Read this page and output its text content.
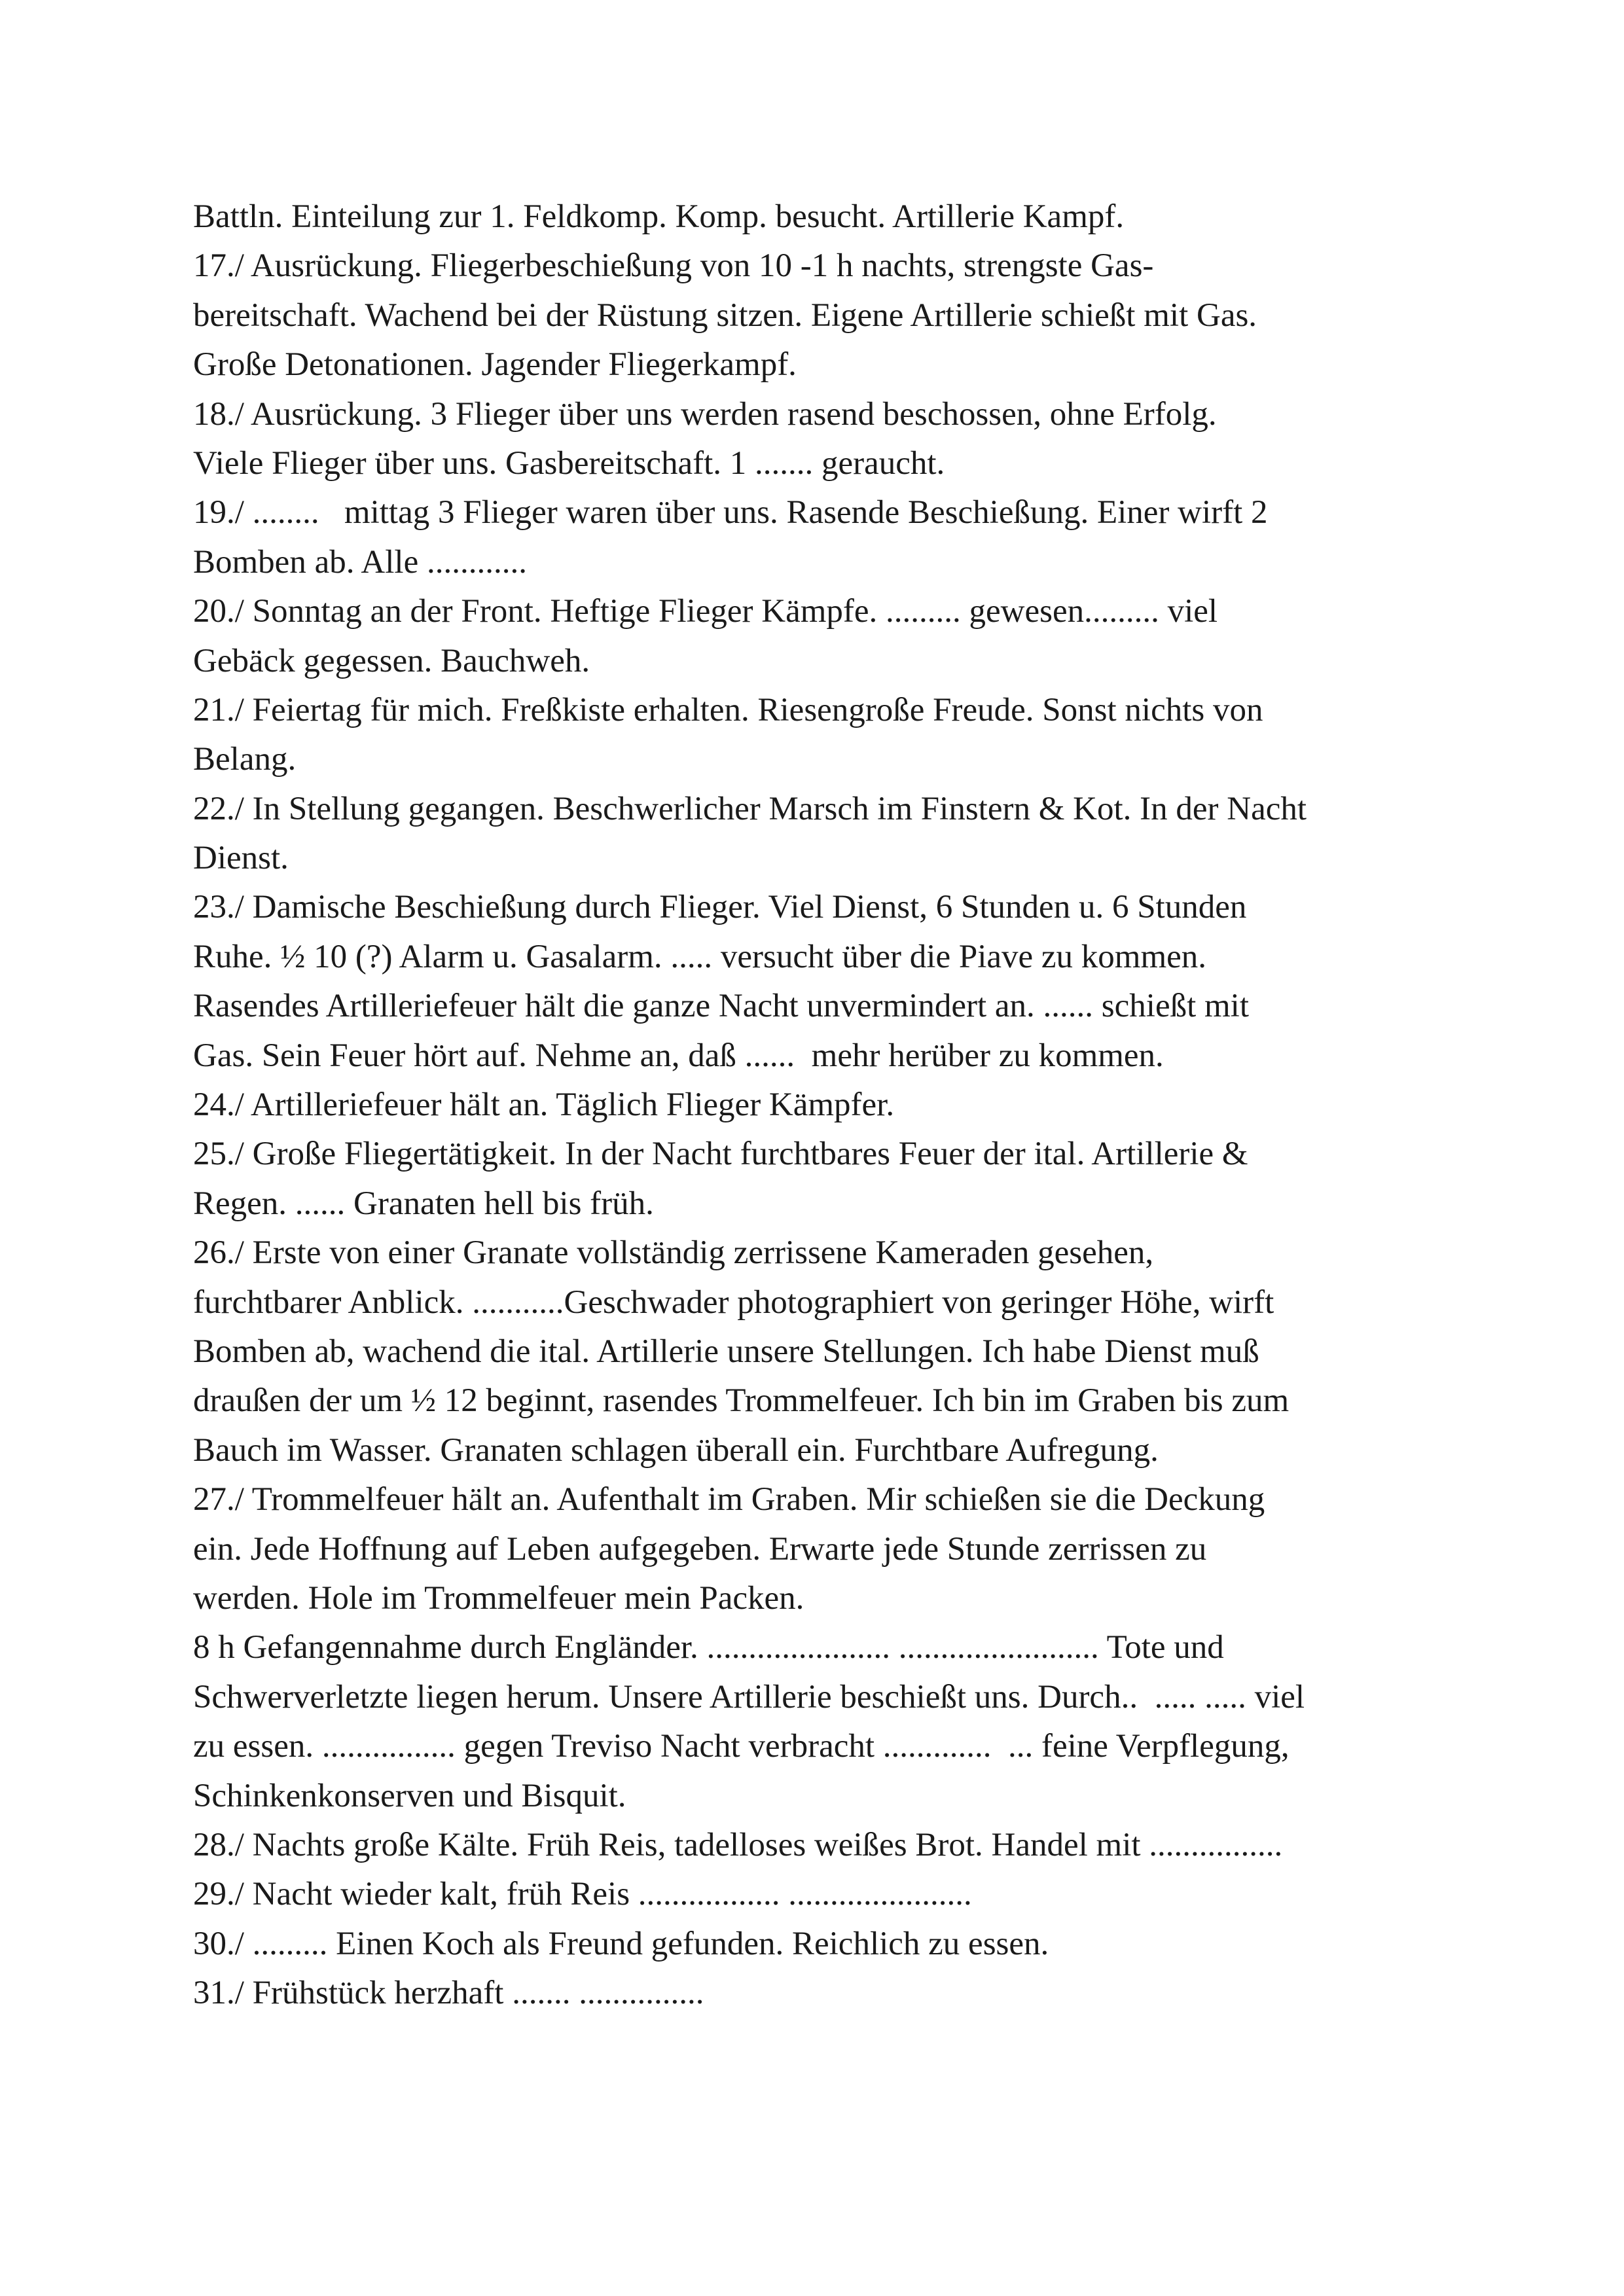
Battln. Einteilung zur 1. Feldkomp. Komp. besucht. Artillerie Kampf.
17./ Ausrückung. Fliegerbeschießung von 10 -1 h nachts, strengste Gas-
bereitschaft. Wachend bei der Rüstung sitzen. Eigene Artillerie schießt mit Gas.
Große Detonationen. Jagender Fliegerkampf.
18./ Ausrückung. 3 Flieger über uns werden rasend beschossen, ohne Erfolg.
Viele Flieger über uns. Gasbereitschaft. 1 ....... geraucht.
19./ ........   mittag 3 Flieger waren über uns. Rasende Beschießung. Einer wirft 2
Bomben ab. Alle ............
20./ Sonntag an der Front. Heftige Flieger Kämpfe. ......... gewesen......... viel
Gebäck gegessen. Bauchweh.
21./ Feiertag für mich. Freßkiste erhalten. Riesengroße Freude. Sonst nichts von
Belang.
22./ In Stellung gegangen. Beschwerlicher Marsch im Finstern & Kot. In der Nacht
Dienst.
23./ Damische Beschießung durch Flieger. Viel Dienst, 6 Stunden u. 6 Stunden
Ruhe. ½ 10 (?) Alarm u. Gasalarm. ..... versucht über die Piave zu kommen.
Rasendes Artilleriefeuer hält die ganze Nacht unvermindert an. ...... schießt mit
Gas. Sein Feuer hört auf. Nehme an, daß ......  mehr herüber zu kommen.
24./ Artilleriefeuer hält an. Täglich Flieger Kämpfer.
25./ Große Fliegertätigkeit. In der Nacht furchtbares Feuer der ital. Artillerie &
Regen. ...... Granaten hell bis früh.
26./ Erste von einer Granate vollständig zerrissene Kameraden gesehen,
furchtbarer Anblick. ...........Geschwader photographiert von geringer Höhe, wirft
Bomben ab, wachend die ital. Artillerie unsere Stellungen. Ich habe Dienst muß
draußen der um ½ 12 beginnt, rasendes Trommelfeuer. Ich bin im Graben bis zum
Bauch im Wasser. Granaten schlagen überall ein. Furchtbare Aufregung.
27./ Trommelfeuer hält an. Aufenthalt im Graben. Mir schießen sie die Deckung
ein. Jede Hoffnung auf Leben aufgegeben. Erwarte jede Stunde zerrissen zu
werden. Hole im Trommelfeuer mein Packen.
8 h Gefangennahme durch Engländer. ...................... ........................ Tote und
Schwerverletzte liegen herum. Unsere Artillerie beschießt uns. Durch..  ..... ..... viel
zu essen. ................ gegen Treviso Nacht verbracht .............  ... feine Verpflegung,
Schinkenkonserven und Bisquit.
28./ Nachts große Kälte. Früh Reis, tadelloses weißes Brot. Handel mit ................
29./ Nacht wieder kalt, früh Reis ................. ......................
30./ ......... Einen Koch als Freund gefunden. Reichlich zu essen.
31./ Frühstück herzhaft ....... ...............
